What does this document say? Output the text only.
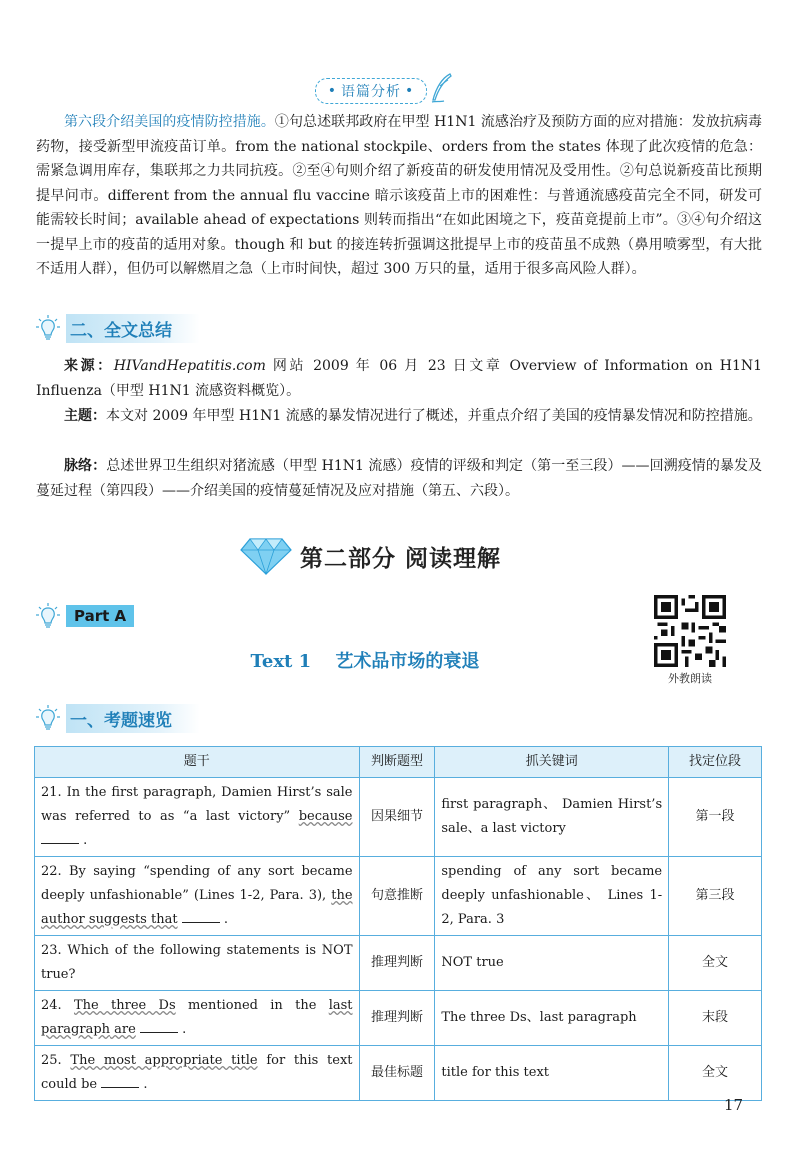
• 语篇分析 •

第六段介绍美国的疫情防控措施。①句总述联邦政府在甲型 H1N1 流感治疗及预防方面的应对措施：发放抗病毒药物，接受新型甲流疫苗订单。from the national stockpile、orders from the states 体现了此次疫情的危急：需紧急调用库存，集联邦之力共同抗疫。②至④句则介绍了新疫苗的研发使用情况及受用性。②句总说新疫苗比预期提早问市。different from the annual flu vaccine 暗示该疫苗上市的困难性：与普通流感疫苗完全不同，研发可能需较长时间；available ahead of expectations 则转而指出“在如此困境之下，疫苗竟提前上市”。③④句介绍这一提早上市的疫苗的适用对象。though 和 but 的接连转折强调这批提早上市的疫苗虽不成熟（鼻用喷雾型，有大批不适用人群），但仍可以解燃眉之急（上市时间快，超过 300 万只的量，适用于很多高风险人群）。

二、全文总结

来源：HIVandHepatitis.com 网站 2009 年 06 月 23 日文章 Overview of Information on H1N1 Influenza（甲型 H1N1 流感资料概览）。

主题：本文对 2009 年甲型 H1N1 流感的暴发情况进行了概述，并重点介绍了美国的疫情暴发情况和防控措施。

脉络：总述世界卫生组织对猪流感（甲型 H1N1 流感）疫情的评级和判定（第一至三段）——回溯疫情的暴发及蔓延过程（第四段）——介绍美国的疫情蔓延情况及应对措施（第五、六段）。

第二部分 阅读理解
Part A
Text 1　 艺术品市场的衰退
外教朗读
一、考题速览
题干	判断题型	抓关键词	找定位段
21. In the first paragraph, Damien Hirst’s sale was referred to as “a last victory” because  .	因果细节	first paragraph、 Damien Hirst’s sale、a last victory	第一段
22. By saying “spending of any sort became deeply unfashionable” (Lines 1-2, Para. 3), the author suggests that .	句意推断	spending of any sort became deeply unfashionable、 Lines 1-2, Para. 3	第三段
23. Which of the following statements is NOT true?	推理判断	NOT true	全文
24. The three Ds mentioned in the last paragraph are .	推理判断	The three Ds、last paragraph	末段
25. The most appropriate title for this text could be .	最佳标题	title for this text	全文
17
